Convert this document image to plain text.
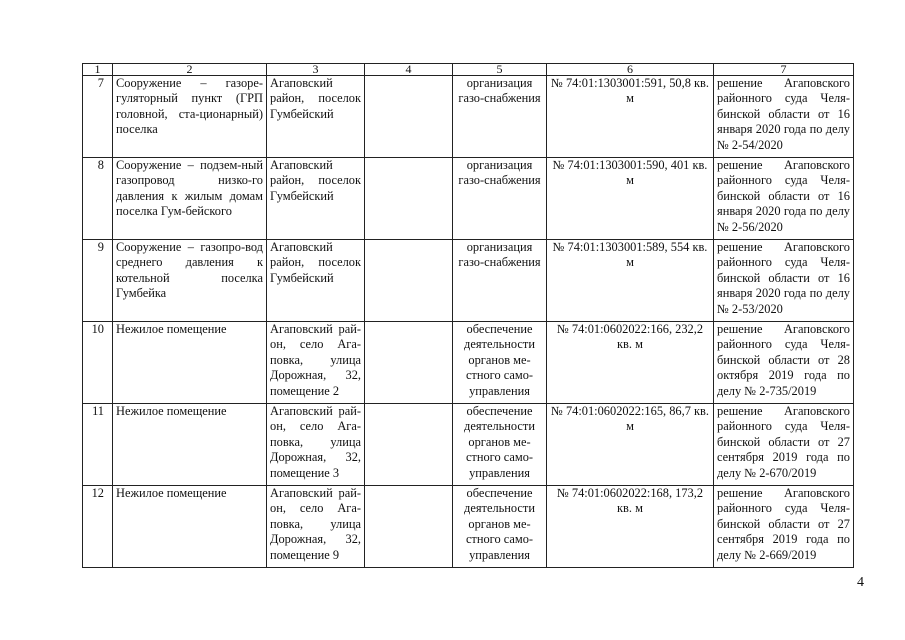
1	2	3	4	5	6	7
7	Сооружение – газоре-гуляторный пункт (ГРП головной, ста-ционарный) поселка	Агаповский район, поселок Гумбейский		организация газо-снабжения	№ 74:01:1303001:591, 50,8 кв. м	решение Агаповского районного суда Челя-бинской области от 16 января 2020 года по делу № 2-54/2020
8	Сооружение – подзем-ный газопровод низко-го давления к жилым домам поселка Гум-бейского	Агаповский район, поселок Гумбейский		организация газо-снабжения	№ 74:01:1303001:590, 401 кв. м	решение Агаповского районного суда Челя-бинской области от 16 января 2020 года по делу № 2-56/2020
9	Сооружение – газопро-вод среднего давления к котельной поселка Гумбейка	Агаповский район, поселок Гумбейский		организация газо-снабжения	№ 74:01:1303001:589, 554 кв. м	решение Агаповского районного суда Челя-бинской области от 16 января 2020 года по делу № 2-53/2020
10	Нежилое помещение	Агаповский рай-он, село Ага-повка, улица Дорожная, 32, помещение 2		обеспечение деятельности органов ме-стного само-управления	№ 74:01:0602022:166, 232,2 кв. м	решение Агаповского районного суда Челя-бинской области от 28 октября 2019 года по делу № 2-735/2019
11	Нежилое помещение	Агаповский рай-он, село Ага-повка, улица Дорожная, 32, помещение 3		обеспечение деятельности органов ме-стного само-управления	№ 74:01:0602022:165, 86,7 кв. м	решение Агаповского районного суда Челя-бинской области от 27 сентября 2019 года по делу № 2-670/2019
12	Нежилое помещение	Агаповский рай-он, село Ага-повка, улица Дорожная, 32, помещение 9		обеспечение деятельности органов ме-стного само-управления	№ 74:01:0602022:168, 173,2 кв. м	решение Агаповского районного суда Челя-бинской области от 27 сентября 2019 года по делу № 2-669/2019
4
